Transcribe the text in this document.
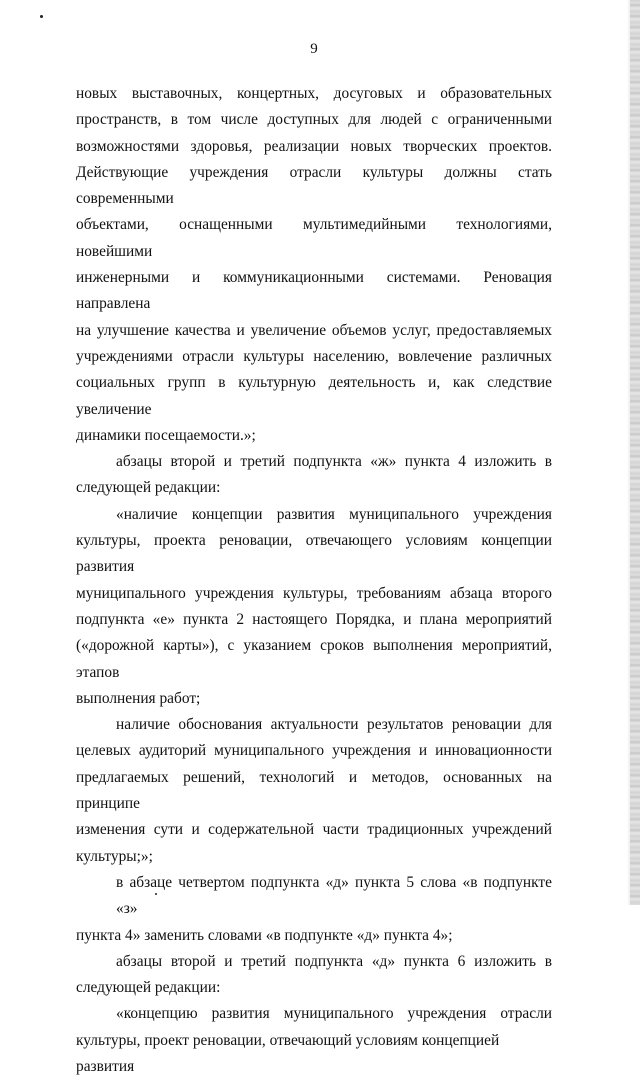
9
новых выставочных, концертных, досуговых и образовательных
пространств, в том числе доступных для людей с ограниченными
возможностями здоровья, реализации новых творческих проектов.
Действующие учреждения отрасли культуры должны стать современными
объектами, оснащенными мультимедийными технологиями, новейшими
инженерными и коммуникационными системами. Реновация направлена
на улучшение качества и увеличение объемов услуг, предоставляемых
учреждениями отрасли культуры населению, вовлечение различных
социальных групп в культурную деятельность и, как следствие увеличение
динамики посещаемости.»;
абзацы второй и третий подпункта «ж» пункта 4 изложить в
следующей редакции:
«наличие концепции развития муниципального учреждения
культуры, проекта реновации, отвечающего условиям концепции развития
муниципального учреждения культуры, требованиям абзаца второго
подпункта «е» пункта 2 настоящего Порядка, и плана мероприятий
(«дорожной карты»), с указанием сроков выполнения мероприятий, этапов
выполнения работ;
наличие обоснования актуальности результатов реновации для
целевых аудиторий муниципального учреждения и инновационности
предлагаемых решений, технологий и методов, основанных на принципе
изменения сути и содержательной части традиционных учреждений
культуры;»;
в абзаце четвертом подпункта «д» пункта 5 слова «в подпункте «з»
пункта 4» заменить словами «в подпункте «д» пункта 4»;
абзацы второй и третий подпункта «д» пункта 6 изложить в
следующей редакции:
«концепцию развития муниципального учреждения отрасли
культуры, проект реновации, отвечающий условиям концепцией развития
